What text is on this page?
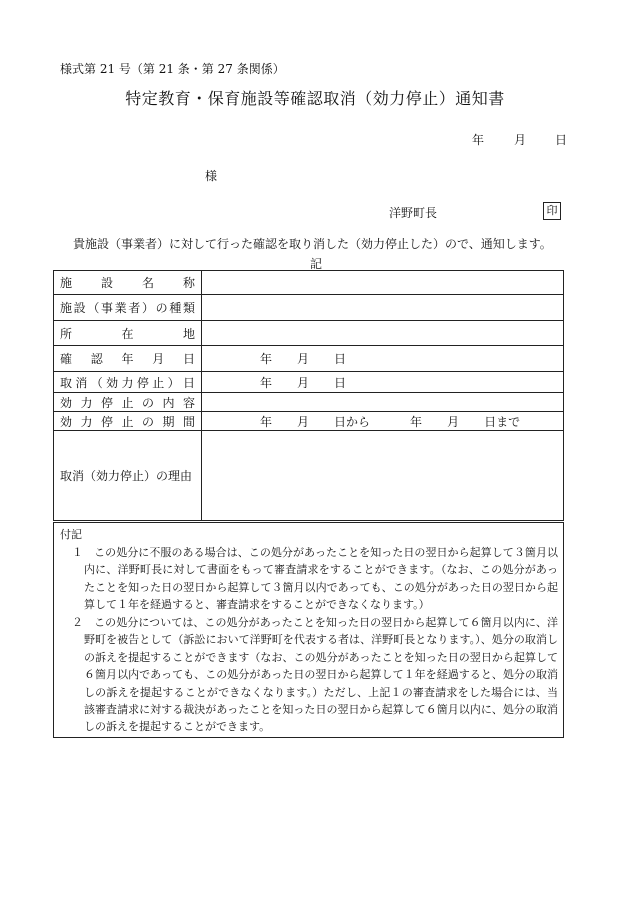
様式第 21 号（第 21 条・第 27 条関係）
特定教育・保育施設等確認取消（効力停止）通知書
年	月 日
様
洋野町長	印
貴施設（事業者）に対して行った確認を取り消した（効力停止した）ので、通知します。
記
施設名称	

施設（事業者）の種類	

所在地	

確認年月日	年 月 日

取消（効力停止）日	年 月 日

効力停止の内容	

効力停止の期間	年 月 日から 年 月 日まで

取消（効力停止）の理由	

付記
１　この処分に不服のある場合は、この処分があったことを知った日の翌日から起算して３箇月以内に、洋野町長に対して書面をもって審査請求をすることができます。（なお、この処分があったことを知った日の翌日から起算して３箇月以内であっても、この処分があった日の翌日から起算して１年を経過すると、審査請求をすることができなくなります。）
２　この処分については、この処分があったことを知った日の翌日から起算して６箇月以内に、洋野町を被告として（訴訟において洋野町を代表する者は、洋野町長となります。）、処分の取消しの訴えを提起することができます（なお、この処分があったことを知った日の翌日から起算して６箇月以内であっても、この処分があった日の翌日から起算して１年を経過すると、処分の取消しの訴えを提起することができなくなります。）ただし、上記１の審査請求をした場合には、当該審査請求に対する裁決があったことを知った日の翌日から起算して６箇月以内に、処分の取消しの訴えを提起することができます。
